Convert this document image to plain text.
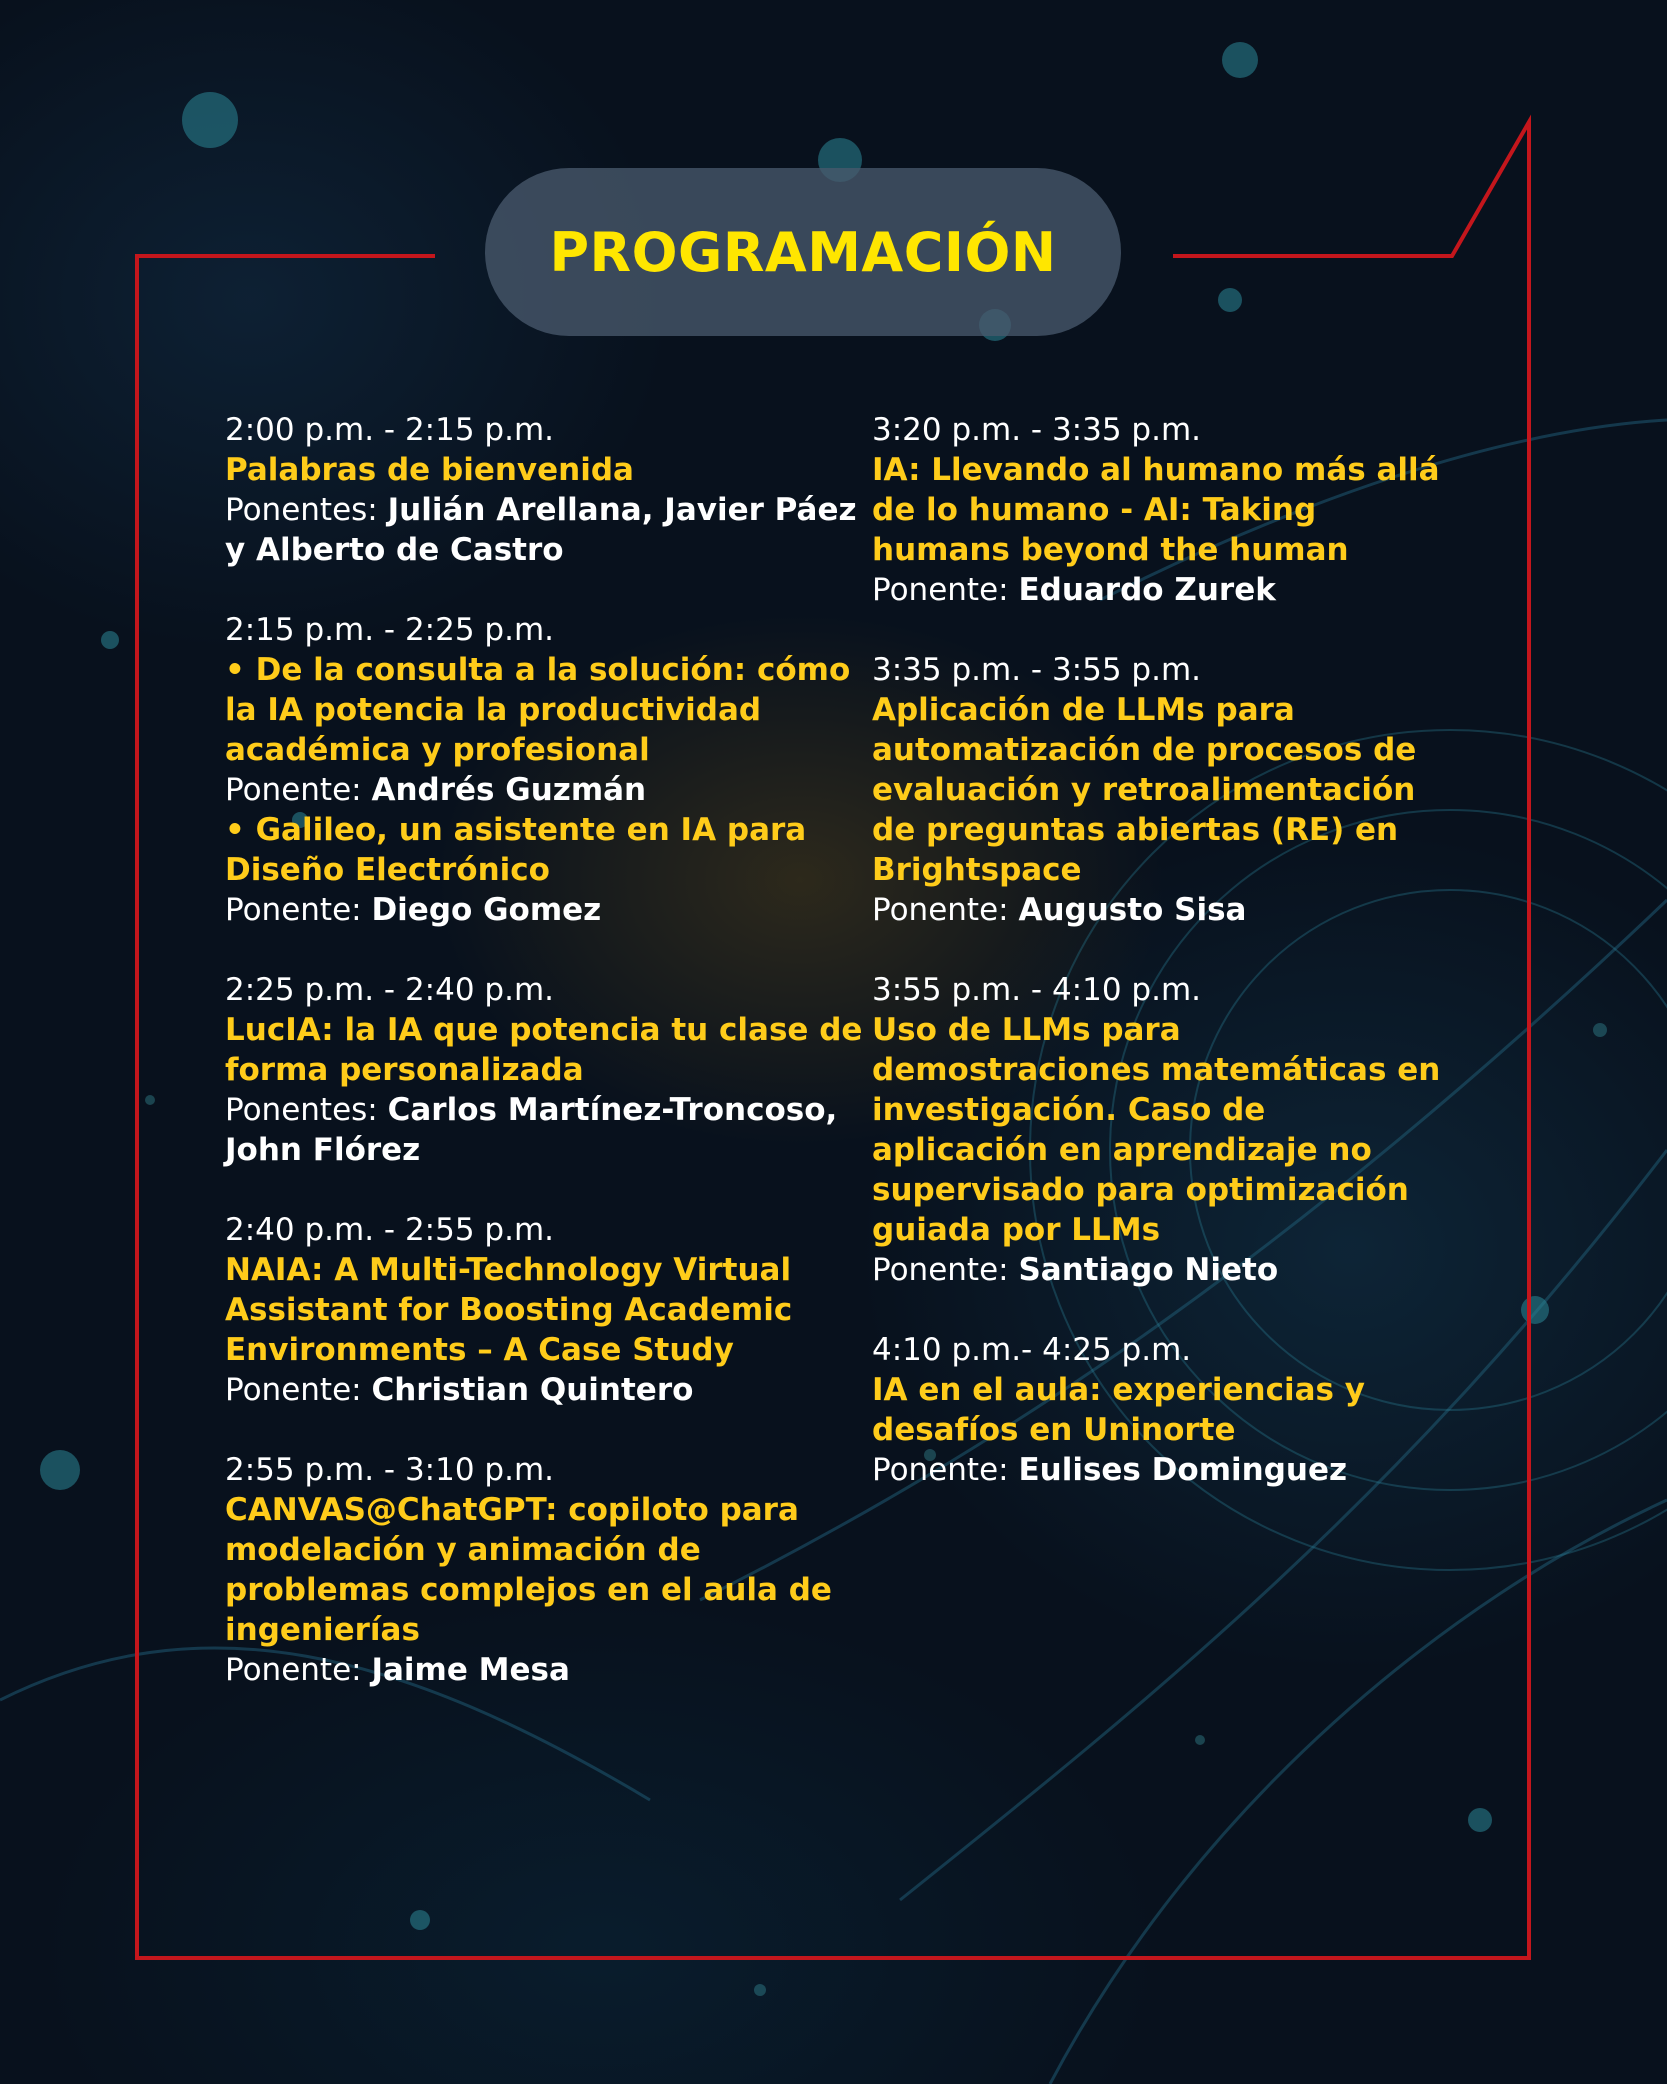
PROGRAMACIÓN
2:00 p.m. - 2:15 p.m.
Palabras de bienvenida
Ponentes: Julián Arellana, Javier Páez y Alberto de Castro
2:15 p.m. - 2:25 p.m.
• De la consulta a la solución: cómo la IA potencia la productividad académica y profesional
Ponente: Andrés Guzmán
• Galileo, un asistente en IA para Diseño Electrónico
Ponente: Diego Gomez
2:25 p.m. - 2:40 p.m.
LucIA: la IA que potencia tu clase de forma personalizada
Ponentes: Carlos Martínez-Troncoso, John Flórez
2:40 p.m. - 2:55 p.m.
NAIA: A Multi-Technology Virtual Assistant for Boosting Academic Environments – A Case Study
Ponente: Christian Quintero
2:55 p.m. - 3:10 p.m.
CANVAS@ChatGPT: copiloto para modelación y animación de problemas complejos en el aula de ingenierías
Ponente: Jaime Mesa
3:20 p.m. - 3:35 p.m.
IA: Llevando al humano más allá de lo humano - AI: Taking humans beyond the human
Ponente: Eduardo Zurek
3:35 p.m. - 3:55 p.m.
Aplicación de LLMs para automatización de procesos de evaluación y retroalimentación de preguntas abiertas (RE) en Brightspace
Ponente: Augusto Sisa
3:55 p.m. - 4:10 p.m.
Uso de LLMs para demostraciones matemáticas en investigación. Caso de aplicación en aprendizaje no supervisado para optimización guiada por LLMs
Ponente: Santiago Nieto
4:10 p.m.- 4:25 p.m.
IA en el aula: experiencias y desafíos en Uninorte
Ponente: Eulises Dominguez
